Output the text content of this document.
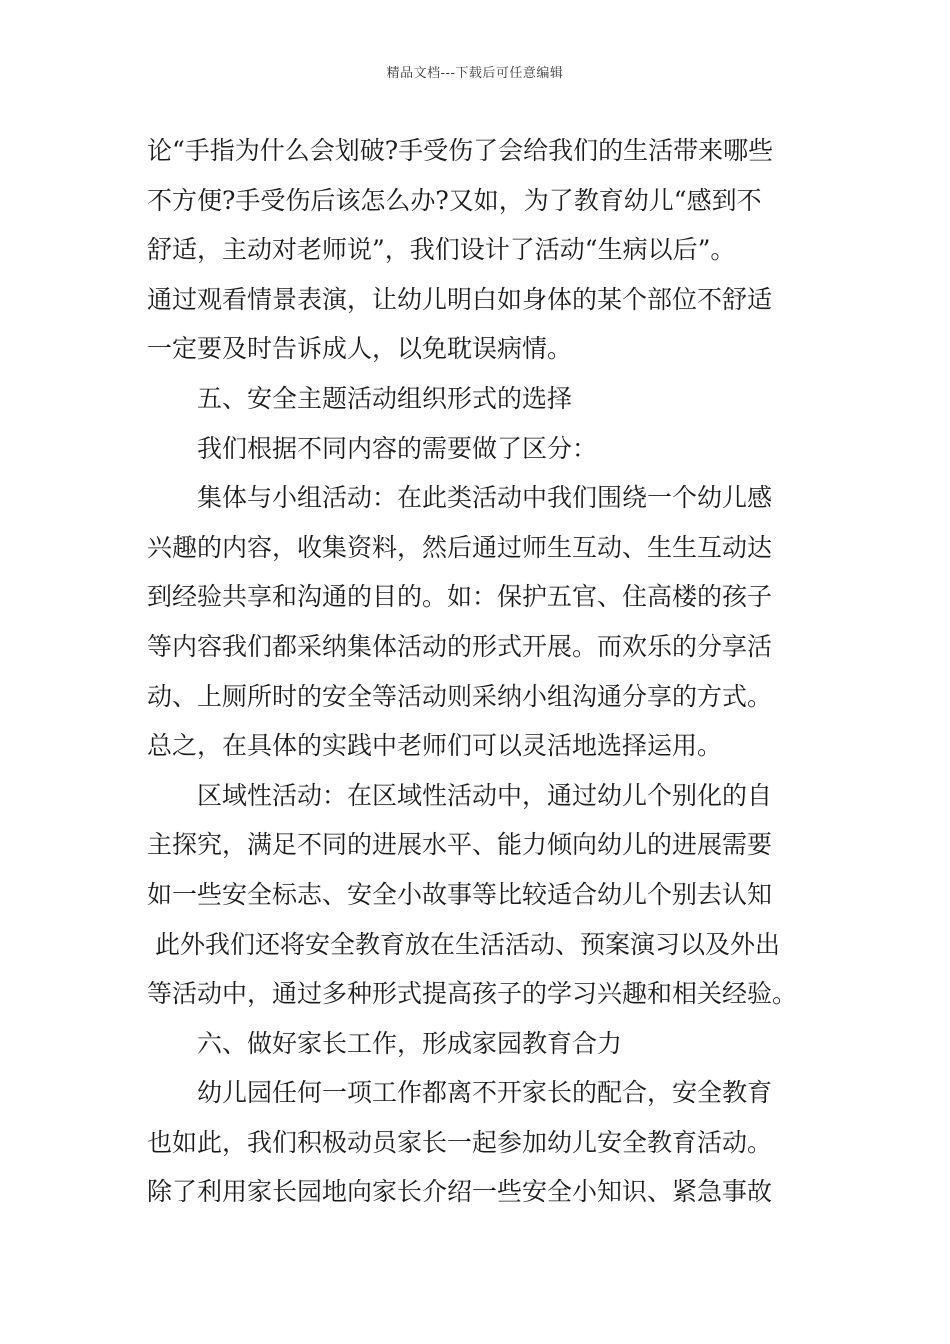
精品文档---下载后可任意编辑
论“手指为什么会划破?手受伤了会给我们的生活带来哪些
不方便?手受伤后该怎么办?又如，为了教育幼儿“感到不
舒适，主动对老师说”，我们设计了活动“生病以后”。
通过观看情景表演，让幼儿明白如身体的某个部位不舒适
一定要及时告诉成人，以免耽误病情。
五、安全主题活动组织形式的选择
我们根据不同内容的需要做了区分：
集体与小组活动：在此类活动中我们围绕一个幼儿感
兴趣的内容，收集资料，然后通过师生互动、生生互动达
到经验共享和沟通的目的。如：保护五官、住高楼的孩子
等内容我们都采纳集体活动的形式开展。而欢乐的分享活
动、上厕所时的安全等活动则采纳小组沟通分享的方式。
总之，在具体的实践中老师们可以灵活地选择运用。
区域性活动：在区域性活动中，通过幼儿个别化的自
主探究，满足不同的进展水平、能力倾向幼儿的进展需要
如一些安全标志、安全小故事等比较适合幼儿个别去认知
此外我们还将安全教育放在生活活动、预案演习以及外出
等活动中，通过多种形式提高孩子的学习兴趣和相关经验。
六、做好家长工作，形成家园教育合力
幼儿园任何一项工作都离不开家长的配合，安全教育
也如此，我们积极动员家长一起参加幼儿安全教育活动。
除了利用家长园地向家长介绍一些安全小知识、紧急事故
